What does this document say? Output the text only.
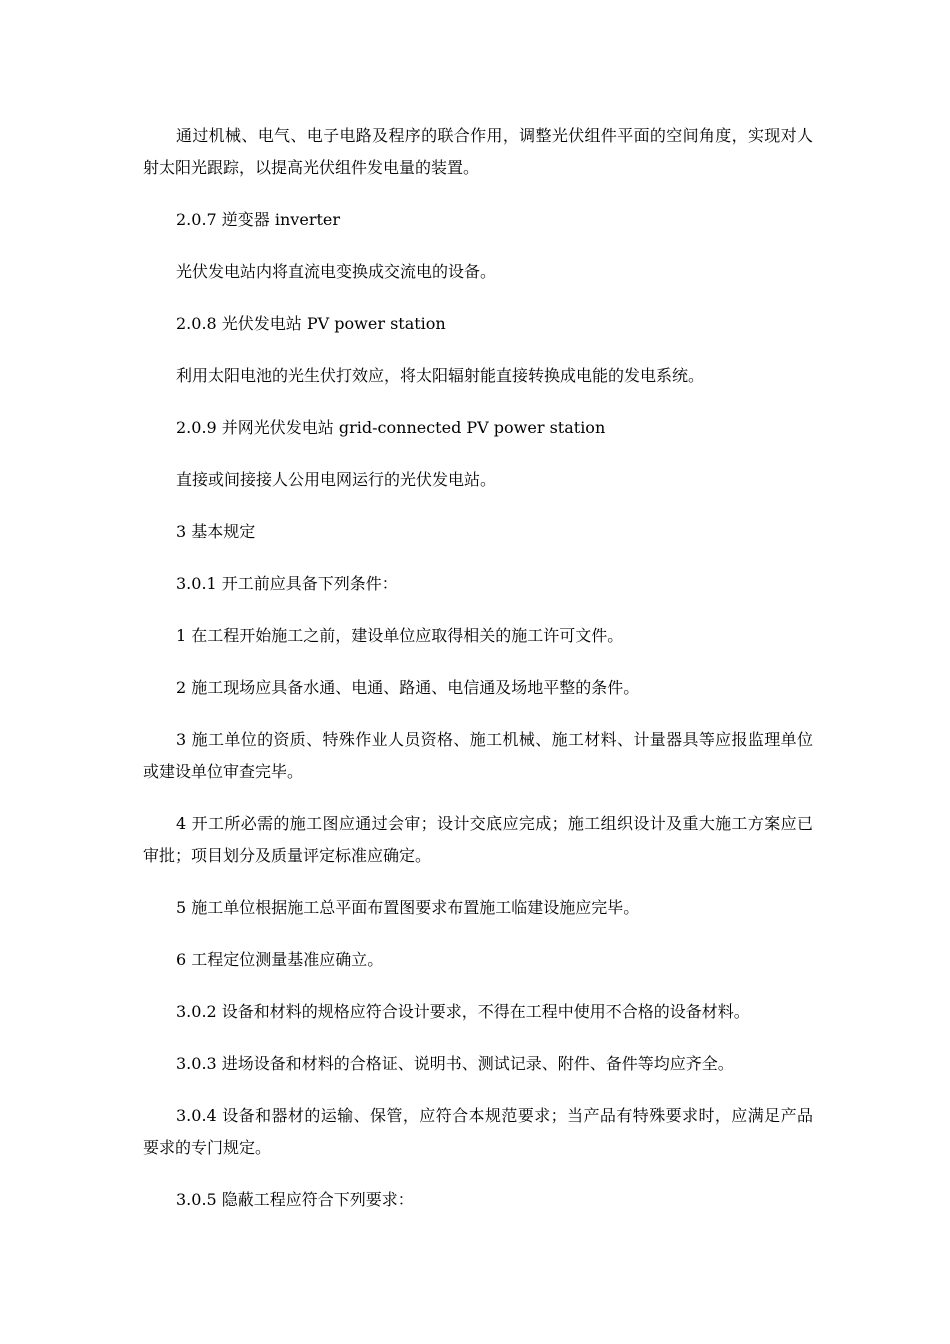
通过机械、电气、电子电路及程序的联合作用，调整光伏组件平面的空间角度，实现对人射太阳光跟踪，以提高光伏组件发电量的装置。

2.0.7 逆变器 inverter

光伏发电站内将直流电变换成交流电的设备。

2.0.8 光伏发电站 PV power station

利用太阳电池的光生伏打效应，将太阳辐射能直接转换成电能的发电系统。

2.0.9 并网光伏发电站 grid-connected PV power station

直接或间接接人公用电网运行的光伏发电站。

3 基本规定

3.0.1 开工前应具备下列条件：

1 在工程开始施工之前，建设单位应取得相关的施工许可文件。

2 施工现场应具备水通、电通、路通、电信通及场地平整的条件。

3 施工单位的资质、特殊作业人员资格、施工机械、施工材料、计量器具等应报监理单位或建设单位审查完毕。

4 开工所必需的施工图应通过会审；设计交底应完成；施工组织设计及重大施工方案应已审批；项目划分及质量评定标准应确定。

5 施工单位根据施工总平面布置图要求布置施工临建设施应完毕。

6 工程定位测量基准应确立。

3.0.2 设备和材料的规格应符合设计要求，不得在工程中使用不合格的设备材料。

3.0.3 进场设备和材料的合格证、说明书、测试记录、附件、备件等均应齐全。

3.0.4 设备和器材的运输、保管，应符合本规范要求；当产品有特殊要求时，应满足产品要求的专门规定。

3.0.5 隐蔽工程应符合下列要求：
